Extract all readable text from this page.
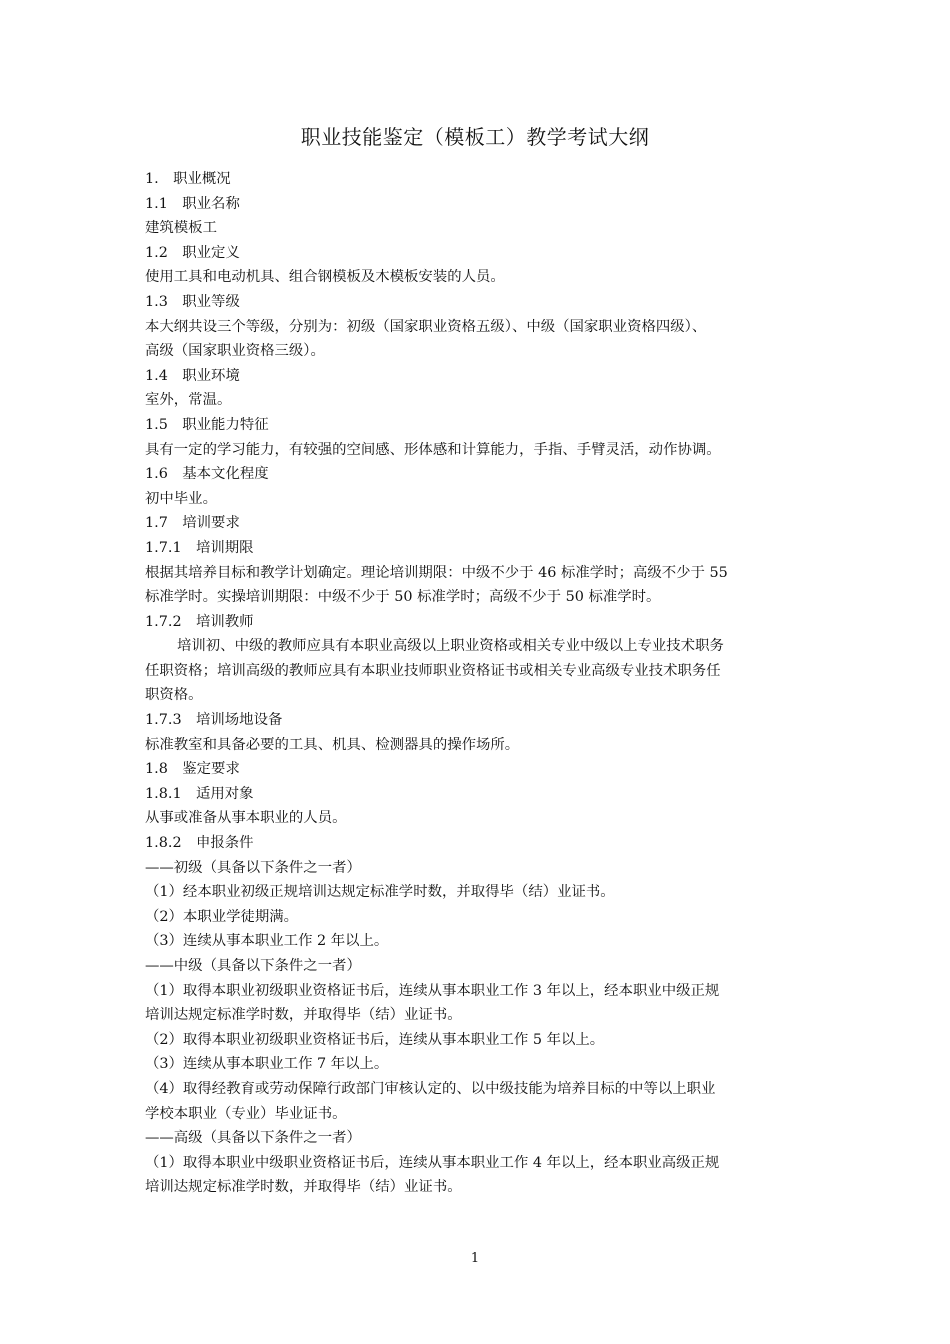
职业技能鉴定（模板工）教学考试大纲
1.　职业概况
1.1　职业名称
建筑模板工
1.2　职业定义
使用工具和电动机具、组合钢模板及木模板安装的人员。
1.3　职业等级
本大纲共设三个等级，分别为：初级（国家职业资格五级）、中级（国家职业资格四级）、
高级（国家职业资格三级）。
1.4　职业环境
室外，常温。
1.5　职业能力特征
具有一定的学习能力，有较强的空间感、形体感和计算能力，手指、手臂灵活，动作协调。
1.6　基本文化程度
初中毕业。
1.7　培训要求
1.7.1　培训期限
根据其培养目标和教学计划确定。理论培训期限：中级不少于 46 标准学时；高级不少于 55
标准学时。实操培训期限：中级不少于 50 标准学时；高级不少于 50 标准学时。
1.7.2　培训教师
培训初、中级的教师应具有本职业高级以上职业资格或相关专业中级以上专业技术职务
任职资格；培训高级的教师应具有本职业技师职业资格证书或相关专业高级专业技术职务任
职资格。
1.7.3　培训场地设备
标准教室和具备必要的工具、机具、检测器具的操作场所。
1.8　鉴定要求
1.8.1　适用对象
从事或准备从事本职业的人员。
1.8.2　申报条件
——初级（具备以下条件之一者）
（1）经本职业初级正规培训达规定标准学时数，并取得毕（结）业证书。
（2）本职业学徒期满。
（3）连续从事本职业工作 2 年以上。
——中级（具备以下条件之一者）
（1）取得本职业初级职业资格证书后，连续从事本职业工作 3 年以上，经本职业中级正规
培训达规定标准学时数，并取得毕（结）业证书。
（2）取得本职业初级职业资格证书后，连续从事本职业工作 5 年以上。
（3）连续从事本职业工作 7 年以上。
（4）取得经教育或劳动保障行政部门审核认定的、以中级技能为培养目标的中等以上职业
学校本职业（专业）毕业证书。
——高级（具备以下条件之一者）
（1）取得本职业中级职业资格证书后，连续从事本职业工作 4 年以上，经本职业高级正规
培训达规定标准学时数，并取得毕（结）业证书。
1
